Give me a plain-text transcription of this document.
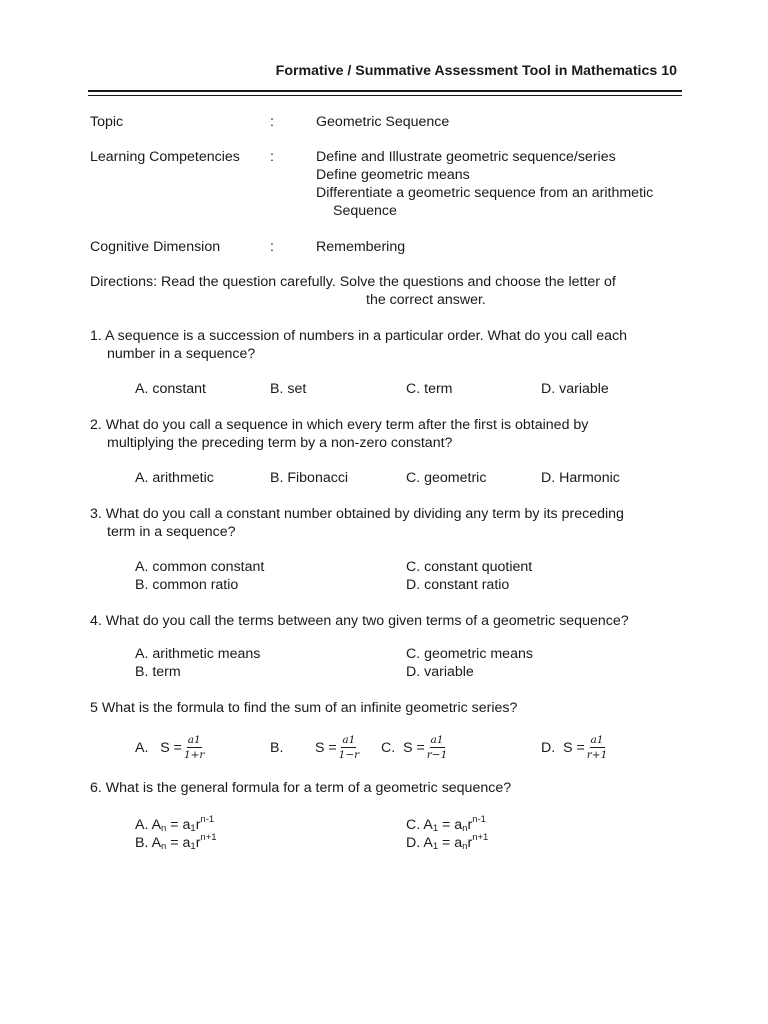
Formative / Summative Assessment Tool in Mathematics 10
Topic	:	Geometric Sequence
Learning Competencies :	Define and Illustrate geometric sequence/series
Define geometric means
Differentiate a geometric sequence from an arithmetic
Sequence
Cognitive Dimension	:	Remembering
Directions: Read the question carefully. Solve the questions and choose the letter of
the correct answer.
1. A sequence is a succession of numbers in a particular order. What do you call each
number in a sequence?
A. constant	B. set	C. term	D. variable
2. What do you call a sequence in which every term after the first is obtained by
multiplying the preceding term by a non-zero constant?
A. arithmetic	B. Fibonacci	C. geometric	D. Harmonic
3. What do you call a constant number obtained by dividing any term by its preceding
term in a sequence?
A. common constant
B. common ratio
C. constant quotient
D. constant ratio
4. What do you call the terms between any two given terms of a geometric sequence?
A. arithmetic means
B. term
C. geometric means
D. variable
5 What is the formula to find the sum of an infinite geometric series?
A.
$S = \frac{a1}{1+r}$	B.
$S = \frac{a1}{1-r} C$.
$S = \frac{a1}{r-1}$	D.
$S = \frac{a1}{r+1}$
6. What is the general formula for a term of a geometric sequence?
A. $A_n = a_1r^{n-1}$
B. $A_n = a_1r^{n+1}$
C. $A_1 = a_nr^{n-1}$
D. $A_1 = a_nr^{n+1}$
